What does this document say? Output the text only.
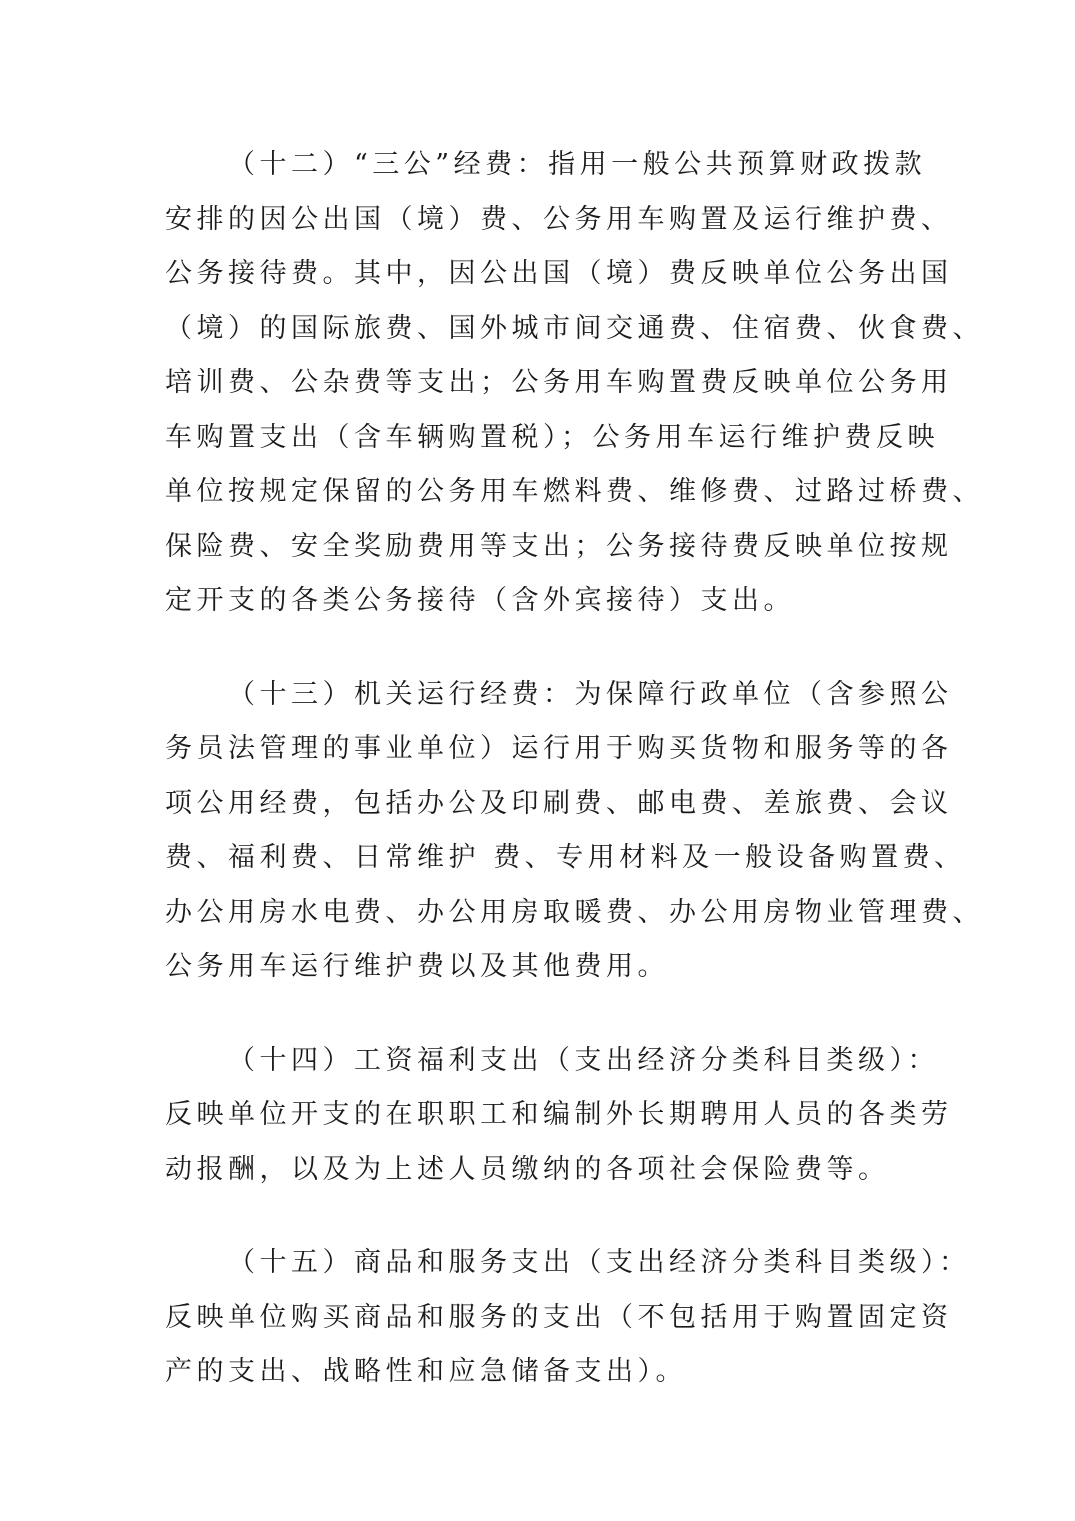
（十二）“三公”经费：指用一般公共预算财政拨款
安排的因公出国（境）费、公务用车购置及运行维护费、
公务接待费。其中，因公出国（境）费反映单位公务出国
（境）的国际旅费、国外城市间交通费、住宿费、伙食费、
培训费、公杂费等支出；公务用车购置费反映单位公务用
车购置支出（含车辆购置税）；公务用车运行维护费反映
单位按规定保留的公务用车燃料费、维修费、过路过桥费、
保险费、安全奖励费用等支出；公务接待费反映单位按规
定开支的各类公务接待（含外宾接待）支出。

（十三）机关运行经费：为保障行政单位（含参照公
务员法管理的事业单位）运行用于购买货物和服务等的各
项公用经费，包括办公及印刷费、邮电费、差旅费、会议
费、福利费、日常维护 费、专用材料及一般设备购置费、
办公用房水电费、办公用房取暖费、办公用房物业管理费、
公务用车运行维护费以及其他费用。

（十四）工资福利支出（支出经济分类科目类级）：
反映单位开支的在职职工和编制外长期聘用人员的各类劳
动报酬，以及为上述人员缴纳的各项社会保险费等。

（十五）商品和服务支出（支出经济分类科目类级）：
反映单位购买商品和服务的支出（不包括用于购置固定资
产的支出、战略性和应急储备支出）。
